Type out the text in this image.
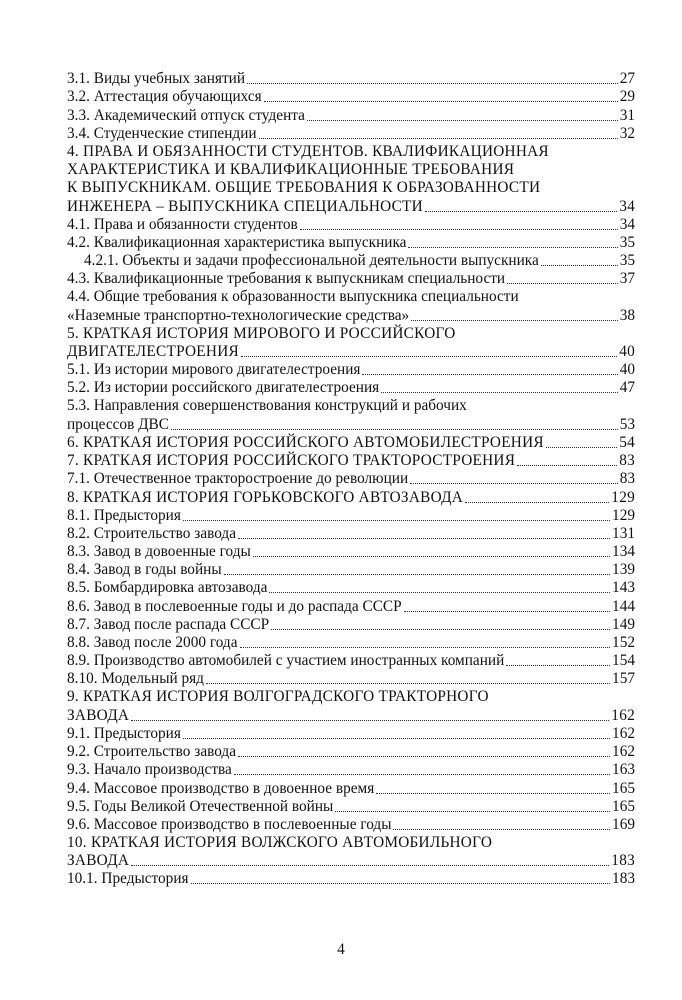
3.1. Виды учебных занятий	27
3.2. Аттестация обучающихся	29
3.3. Академический отпуск студента	31
3.4. Студенческие стипендии	32
4. ПРАВА И ОБЯЗАННОСТИ СТУДЕНТОВ. КВАЛИФИКАЦИОННАЯ
ХАРАКТЕРИСТИКА И КВАЛИФИКАЦИОННЫЕ ТРЕБОВАНИЯ
К ВЫПУСКНИКАМ. ОБЩИЕ ТРЕБОВАНИЯ К ОБРАЗОВАННОСТИ
ИНЖЕНЕРА – ВЫПУСКНИКА СПЕЦИАЛЬНОСТИ	34
4.1. Права и обязанности студентов	34
4.2. Квалификационная характеристика выпускника	35
4.2.1. Объекты и задачи профессиональной деятельности выпускника	35
4.3. Квалификационные требования к выпускникам специальности	37
4.4. Общие требования к образованности выпускника специальности
«Наземные транспортно-технологические средства»	38
5. КРАТКАЯ ИСТОРИЯ МИРОВОГО И РОССИЙСКОГО
ДВИГАТЕЛЕСТРОЕНИЯ	40
5.1. Из истории мирового двигателестроения	40
5.2. Из истории российского двигателестроения	47
5.3. Направления совершенствования конструкций и рабочих
процессов ДВС	53
6. КРАТКАЯ ИСТОРИЯ РОССИЙСКОГО АВТОМОБИЛЕСТРОЕНИЯ	54
7. КРАТКАЯ ИСТОРИЯ РОССИЙСКОГО ТРАКТОРОСТРОЕНИЯ	83
7.1. Отечественное тракторостроение до революции	83
8. КРАТКАЯ ИСТОРИЯ ГОРЬКОВСКОГО АВТОЗАВОДА	129
8.1. Предыстория	129
8.2. Строительство завода	131
8.3. Завод в довоенные годы	134
8.4. Завод в годы войны	139
8.5. Бомбардировка автозавода	143
8.6. Завод в послевоенные годы и до распада СССР	144
8.7. Завод после распада СССР	149
8.8. Завод после 2000 года	152
8.9. Производство автомобилей с участием иностранных компаний	154
8.10. Модельный ряд	157
9. КРАТКАЯ ИСТОРИЯ ВОЛГОГРАДСКОГО ТРАКТОРНОГО
ЗАВОДА	162
9.1. Предыстория	162
9.2. Строительство завода	162
9.3. Начало производства	163
9.4. Массовое производство в довоенное время	165
9.5. Годы Великой Отечественной войны	165
9.6. Массовое производство в послевоенные годы	169
10. КРАТКАЯ ИСТОРИЯ ВОЛЖСКОГО АВТОМОБИЛЬНОГО
ЗАВОДА	183
10.1. Предыстория	183
4
